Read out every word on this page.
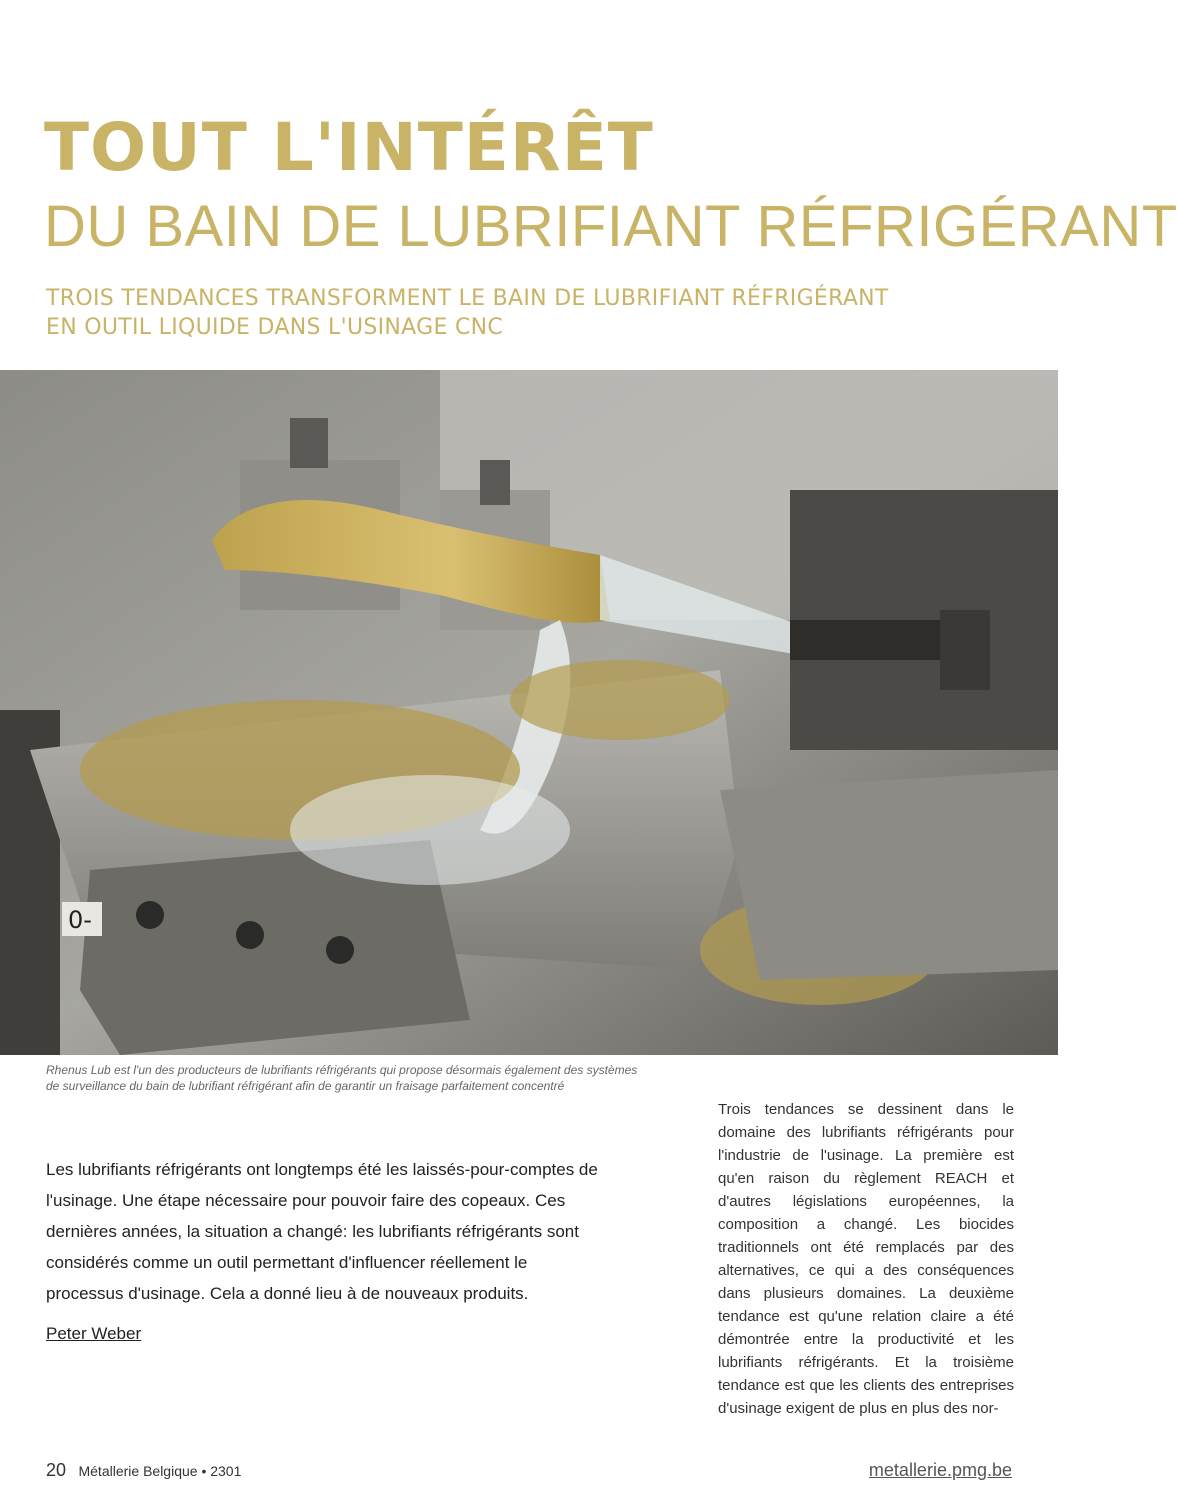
TOUT L'INTÉRÊT
DU BAIN DE LUBRIFIANT RÉFRIGÉRANT

TROIS TENDANCES TRANSFORMENT LE BAIN DE LUBRIFIANT RÉFRIGÉRANT
EN OUTIL LIQUIDE DANS L'USINAGE CNC

0-

Rhenus Lub est l'un des producteurs de lubrifiants réfrigérants qui propose désormais également des systèmes
de surveillance du bain de lubrifiant réfrigérant afin de garantir un fraisage parfaitement concentré

Les lubrifiants réfrigérants ont longtemps été les laissés-pour-comptes de l'usinage. Une étape nécessaire pour pouvoir faire des copeaux. Ces dernières années, la situation a changé: les lubrifiants réfrigérants sont considérés comme un outil permettant d'influencer réellement le processus d'usinage. Cela a donné lieu à de nouveaux produits.

Peter Weber

Trois tendances se dessinent dans le domaine des lubrifiants réfrigérants pour l'industrie de l'usinage. La première est qu'en raison du règlement REACH et d'autres législations européennes, la composition a changé. Les biocides traditionnels ont été remplacés par des alternatives, ce qui a des conséquences dans plusieurs domaines. La deuxième tendance est qu'une relation claire a été démontrée entre la productivité et les lubrifiants réfrigérants. Et la troisième tendance est que les clients des entreprises d'usinage exigent de plus en plus des nor-

20 Métallerie Belgique • 2301	metallerie.pmg.be
